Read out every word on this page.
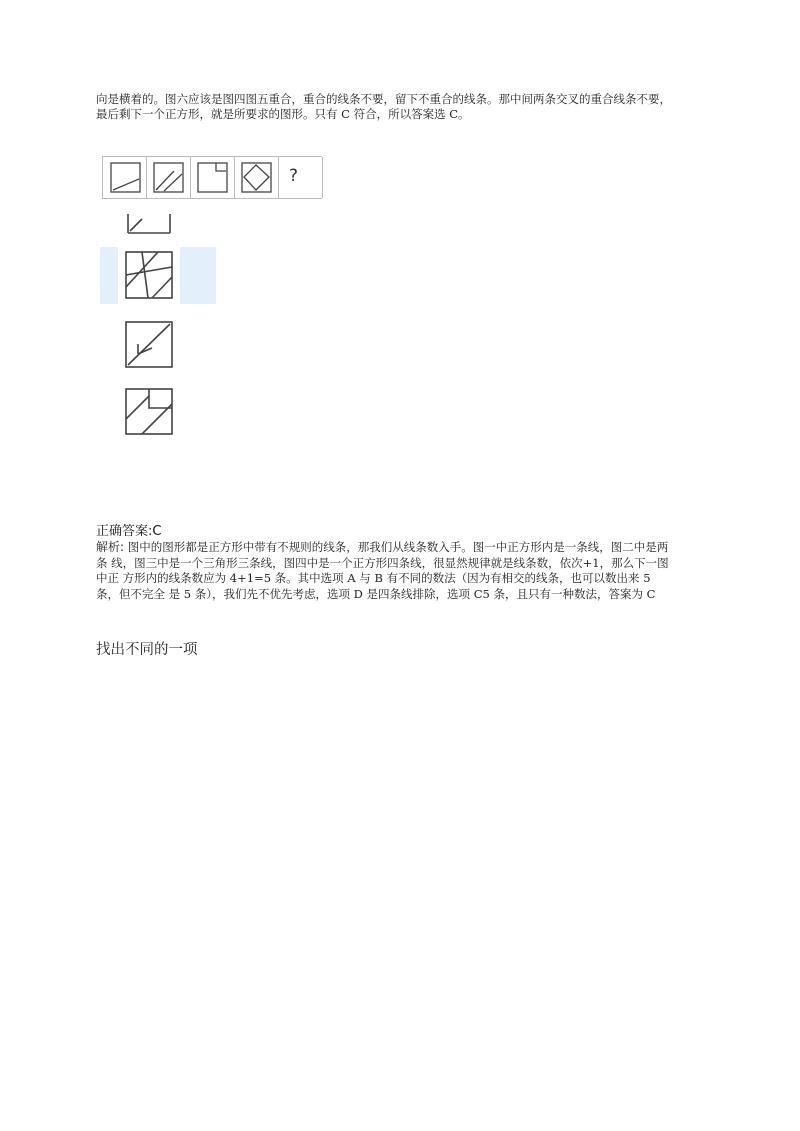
向是横着的。图六应该是图四图五重合，重合的线条不要，留下不重合的线条。那中间两条交叉的重合线条不要，
最后剩下一个正方形，就是所要求的图形。只有 C 符合，所以答案选 C。
?
正确答案:C
解析: 图中的图形都是正方形中带有不规则的线条，那我们从线条数入手。图一中正方形内是一条线，图二中是两
条 线，图三中是一个三角形三条线，图四中是一个正方形四条线，很显然规律就是线条数，依次+1，那么下一图
中正 方形内的线条数应为 4+1=5 条。其中选项 A 与 B 有不同的数法（因为有相交的线条，也可以数出来 5
条，但不完全 是 5 条），我们先不优先考虑，选项 D 是四条线排除，选项 C5 条，且只有一种数法，答案为 C
找出不同的一项
